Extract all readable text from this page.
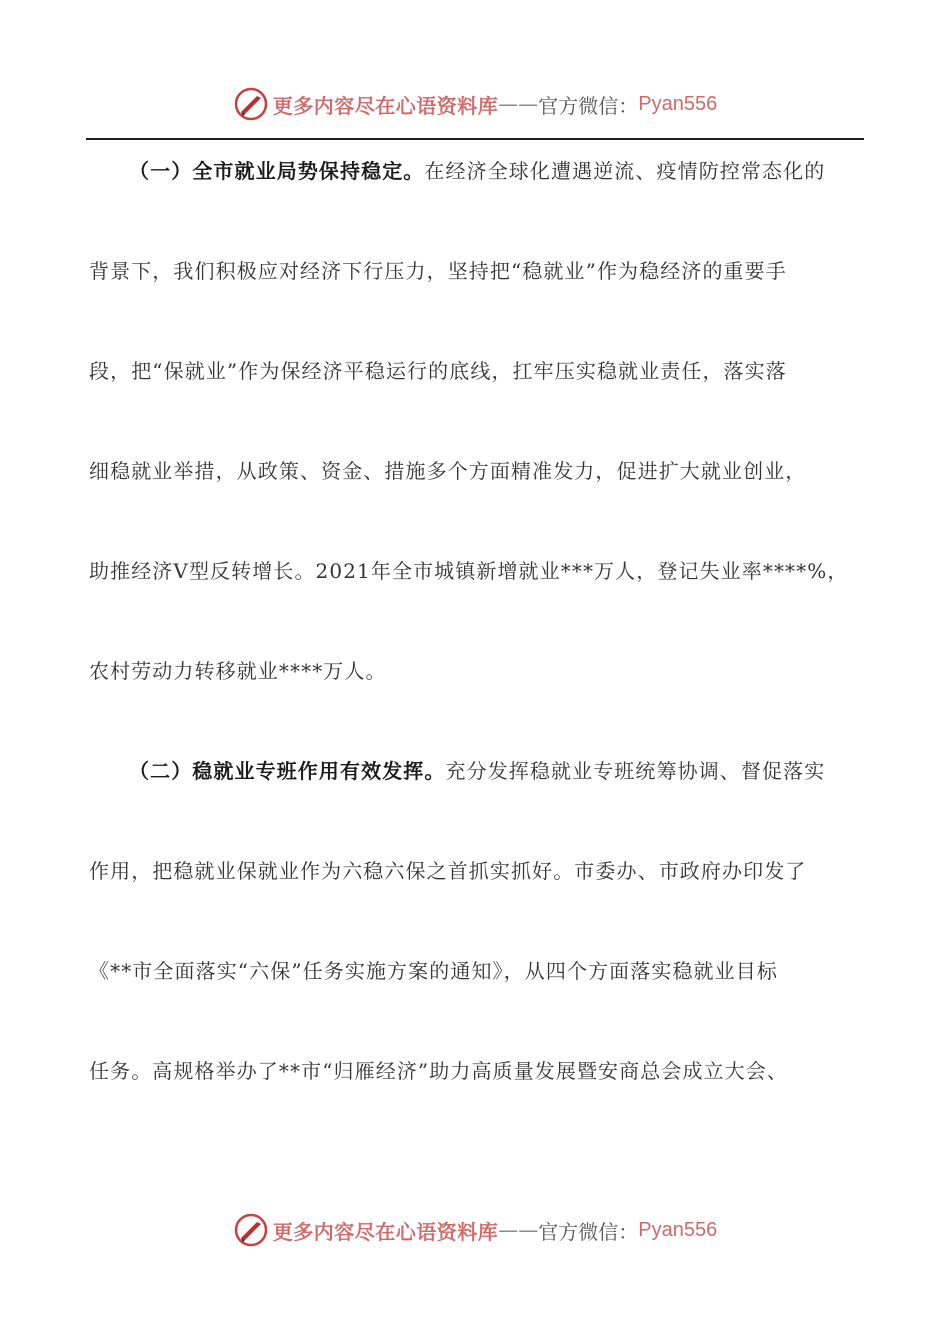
更多内容尽在心语资料库 —— 官方微信： Pyan556
（一）全市就业局势保持稳定。在经济全球化遭遇逆流、疫情防控常态化的
背景下，我们积极应对经济下行压力，坚持把“稳就业”作为稳经济的重要手
段，把“保就业”作为保经济平稳运行的底线，扛牢压实稳就业责任，落实落
细稳就业举措，从政策、资金、措施多个方面精准发力，促进扩大就业创业，
助推经济V型反转增长。2021年全市城镇新增就业***万人，登记失业率****%，
农村劳动力转移就业****万人。
（二）稳就业专班作用有效发挥。充分发挥稳就业专班统筹协调、督促落实
作用，把稳就业保就业作为六稳六保之首抓实抓好。市委办、市政府办印发了
《**市全面落实“六保”任务实施方案的通知》，从四个方面落实稳就业目标
任务。高规格举办了**市“归雁经济”助力高质量发展暨安商总会成立大会、
更多内容尽在心语资料库 —— 官方微信： Pyan556
